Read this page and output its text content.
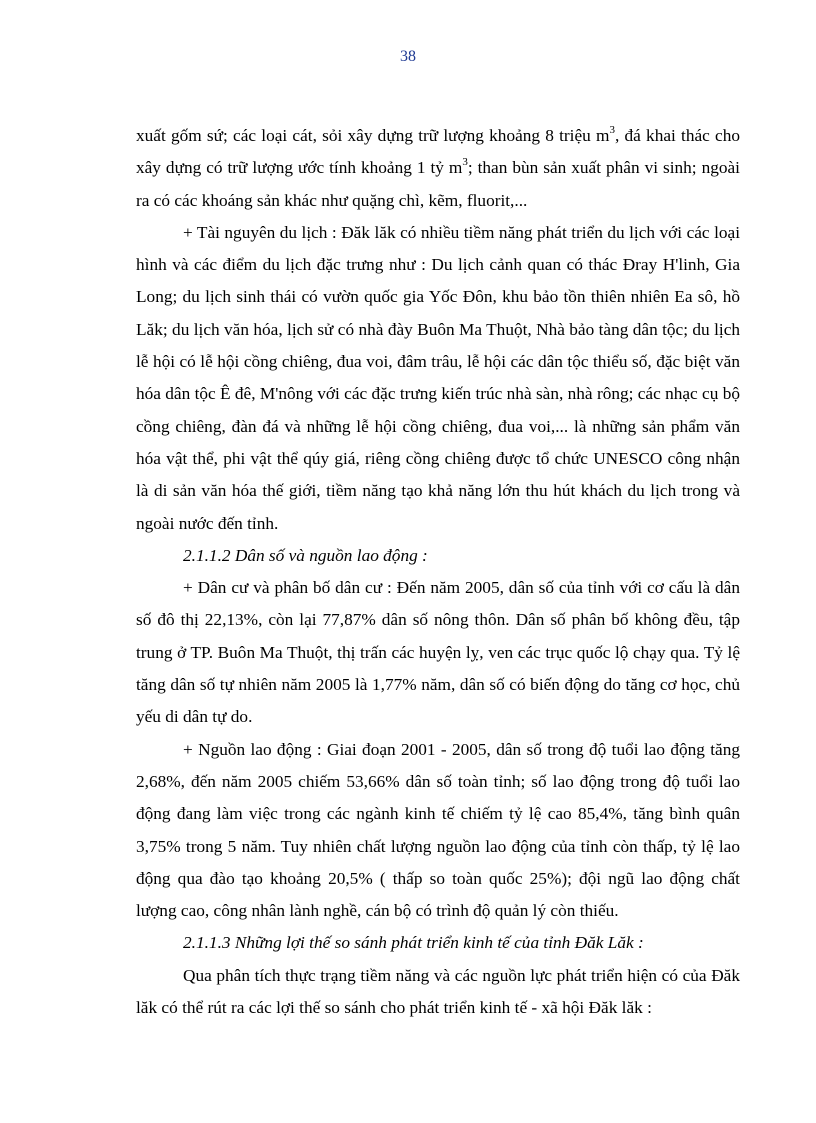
38

xuất gốm sứ; các loại cát, sỏi xây dựng trữ lượng khoảng 8 triệu $m^3$, đá khai thác cho xây dựng có trữ lượng ước tính khoảng 1 tỷ $m^3$; than bùn sản xuất phân vi sinh; ngoài ra có các khoáng sản khác như quặng chì, kẽm, fluorit,...

+ Tài nguyên du lịch : Đăk lăk có nhiều tiềm năng phát triển du lịch với các loại hình và các điểm du lịch đặc trưng như : Du lịch cảnh quan có thác Đray H'linh, Gia Long; du lịch sinh thái có vườn quốc gia Yốc Đôn, khu bảo tồn thiên nhiên Ea sô, hồ Lăk; du lịch văn hóa, lịch sử có nhà đày Buôn Ma Thuột, Nhà bảo tàng dân tộc; du lịch lễ hội có lễ hội cồng chiêng, đua voi, đâm trâu, lễ hội các dân tộc thiểu số, đặc biệt văn hóa dân tộc Ê đê, M'nông với các đặc trưng kiến trúc nhà sàn, nhà rông; các nhạc cụ bộ cồng chiêng, đàn đá và những lễ hội cồng chiêng, đua voi,... là những sản phẩm văn hóa vật thể, phi vật thể qúy giá, riêng cồng chiêng được tổ chức UNESCO công nhận là di sản văn hóa thế giới, tiềm năng tạo khả năng lớn thu hút khách du lịch trong và ngoài nước đến tỉnh.

2.1.1.2 Dân số và nguồn lao động :

+ Dân cư và phân bố dân cư : Đến năm 2005, dân số của tỉnh với cơ cấu là dân số đô thị 22,13%, còn lại 77,87% dân số nông thôn. Dân số phân bố không đều, tập trung ở TP. Buôn Ma Thuột, thị trấn các huyện lỵ, ven các trục quốc lộ chạy qua. Tỷ lệ tăng dân số tự nhiên năm 2005 là 1,77% năm, dân số có biến động do tăng cơ học, chủ yếu di dân tự do.

+ Nguồn lao động : Giai đoạn 2001 - 2005, dân số trong độ tuổi lao động tăng 2,68%, đến năm 2005 chiếm 53,66% dân số toàn tỉnh; số lao động trong độ tuổi lao động đang làm việc trong các ngành kinh tế chiếm tỷ lệ cao 85,4%, tăng bình quân 3,75% trong 5 năm. Tuy nhiên chất lượng nguồn lao động của tỉnh còn thấp, tỷ lệ lao động qua đào tạo khoảng 20,5% ( thấp so toàn quốc 25%); đội ngũ lao động chất lượng cao, công nhân lành nghề, cán bộ có trình độ quản lý còn thiếu.

2.1.1.3 Những lợi thế so sánh phát triển kinh tế của tỉnh Đăk Lăk :

Qua phân tích thực trạng tiềm năng và các nguồn lực phát triển hiện có của Đăk lăk có thể rút ra các lợi thế so sánh cho phát triển kinh tế - xã hội Đăk lăk :
